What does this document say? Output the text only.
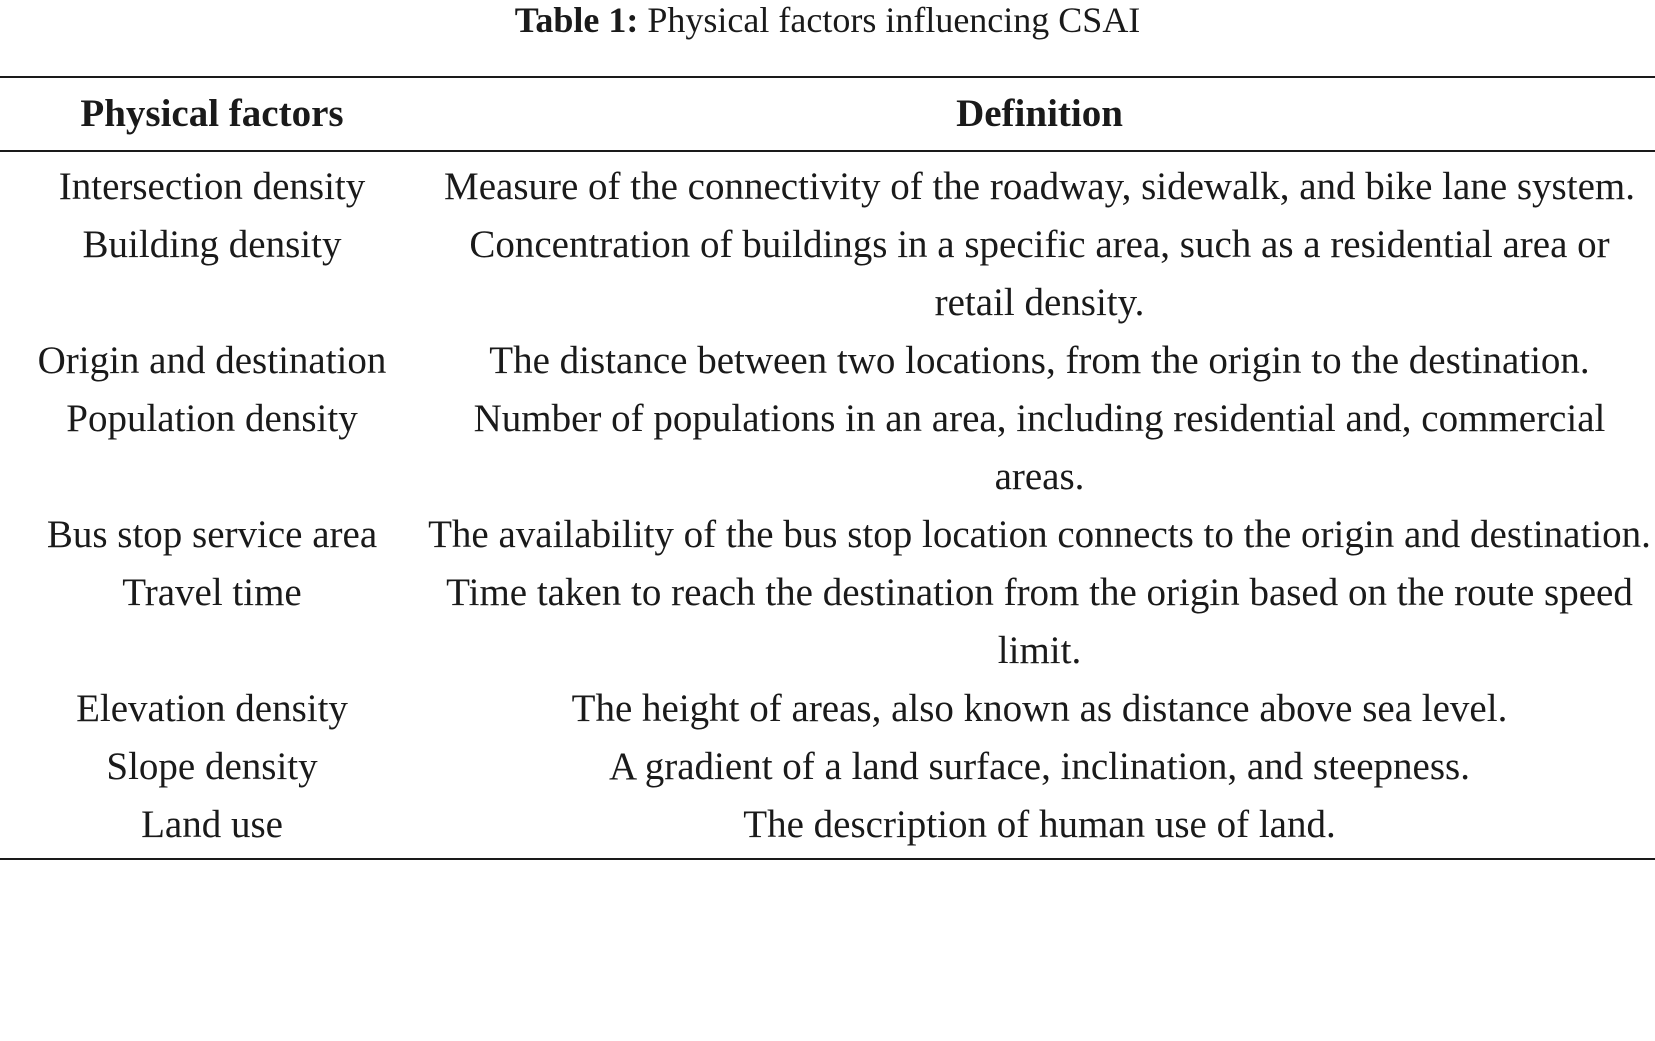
Table 1: Physical factors influencing CSAI
Physical factors	Definition
Intersection density	Measure of the connectivity of the roadway, sidewalk, and bike lane system.
Building density	Concentration of buildings in a specific area, such as a residential area or retail density.
Origin and destination	The distance between two locations, from the origin to the destination.
Population density	Number of populations in an area, including residential and, commercial areas.
Bus stop service area	The availability of the bus stop location connects to the origin and destination.
Travel time	Time taken to reach the destination from the origin based on the route speed limit.
Elevation density	The height of areas, also known as distance above sea level.
Slope density	A gradient of a land surface, inclination, and steepness.
Land use	The description of human use of land.
